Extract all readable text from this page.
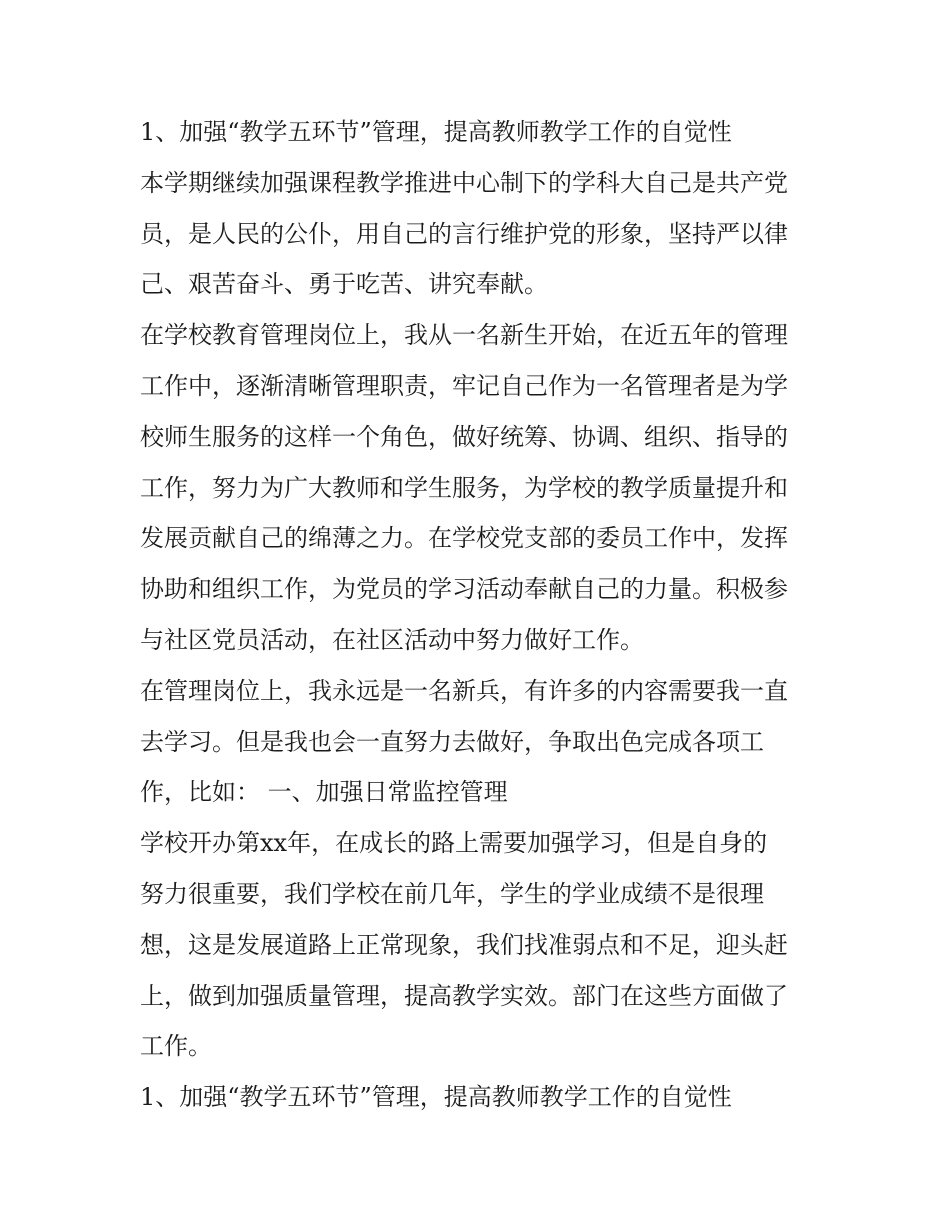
1、加强“教学五环节”管理，提高教师教学工作的自觉性

本学期继续加强课程教学推进中心制下的学科大自己是共产党

员，是人民的公仆，用自己的言行维护党的形象，坚持严以律

己、艰苦奋斗、勇于吃苦、讲究奉献。

在学校教育管理岗位上，我从一名新生开始，在近五年的管理

工作中，逐渐清晰管理职责，牢记自己作为一名管理者是为学

校师生服务的这样一个角色，做好统筹、协调、组织、指导的

工作，努力为广大教师和学生服务，为学校的教学质量提升和

发展贡献自己的绵薄之力。在学校党支部的委员工作中，发挥

协助和组织工作，为党员的学习活动奉献自己的力量。积极参

与社区党员活动，在社区活动中努力做好工作。

在管理岗位上，我永远是一名新兵，有许多的内容需要我一直

去学习。但是我也会一直努力去做好，争取出色完成各项工

作，比如： 一、加强日常监控管理

学校开办第xx年，在成长的路上需要加强学习，但是自身的

努力很重要，我们学校在前几年，学生的学业成绩不是很理

想，这是发展道路上正常现象，我们找准弱点和不足，迎头赶

上，做到加强质量管理，提高教学实效。部门在这些方面做了

工作。

1、加强“教学五环节”管理，提高教师教学工作的自觉性
